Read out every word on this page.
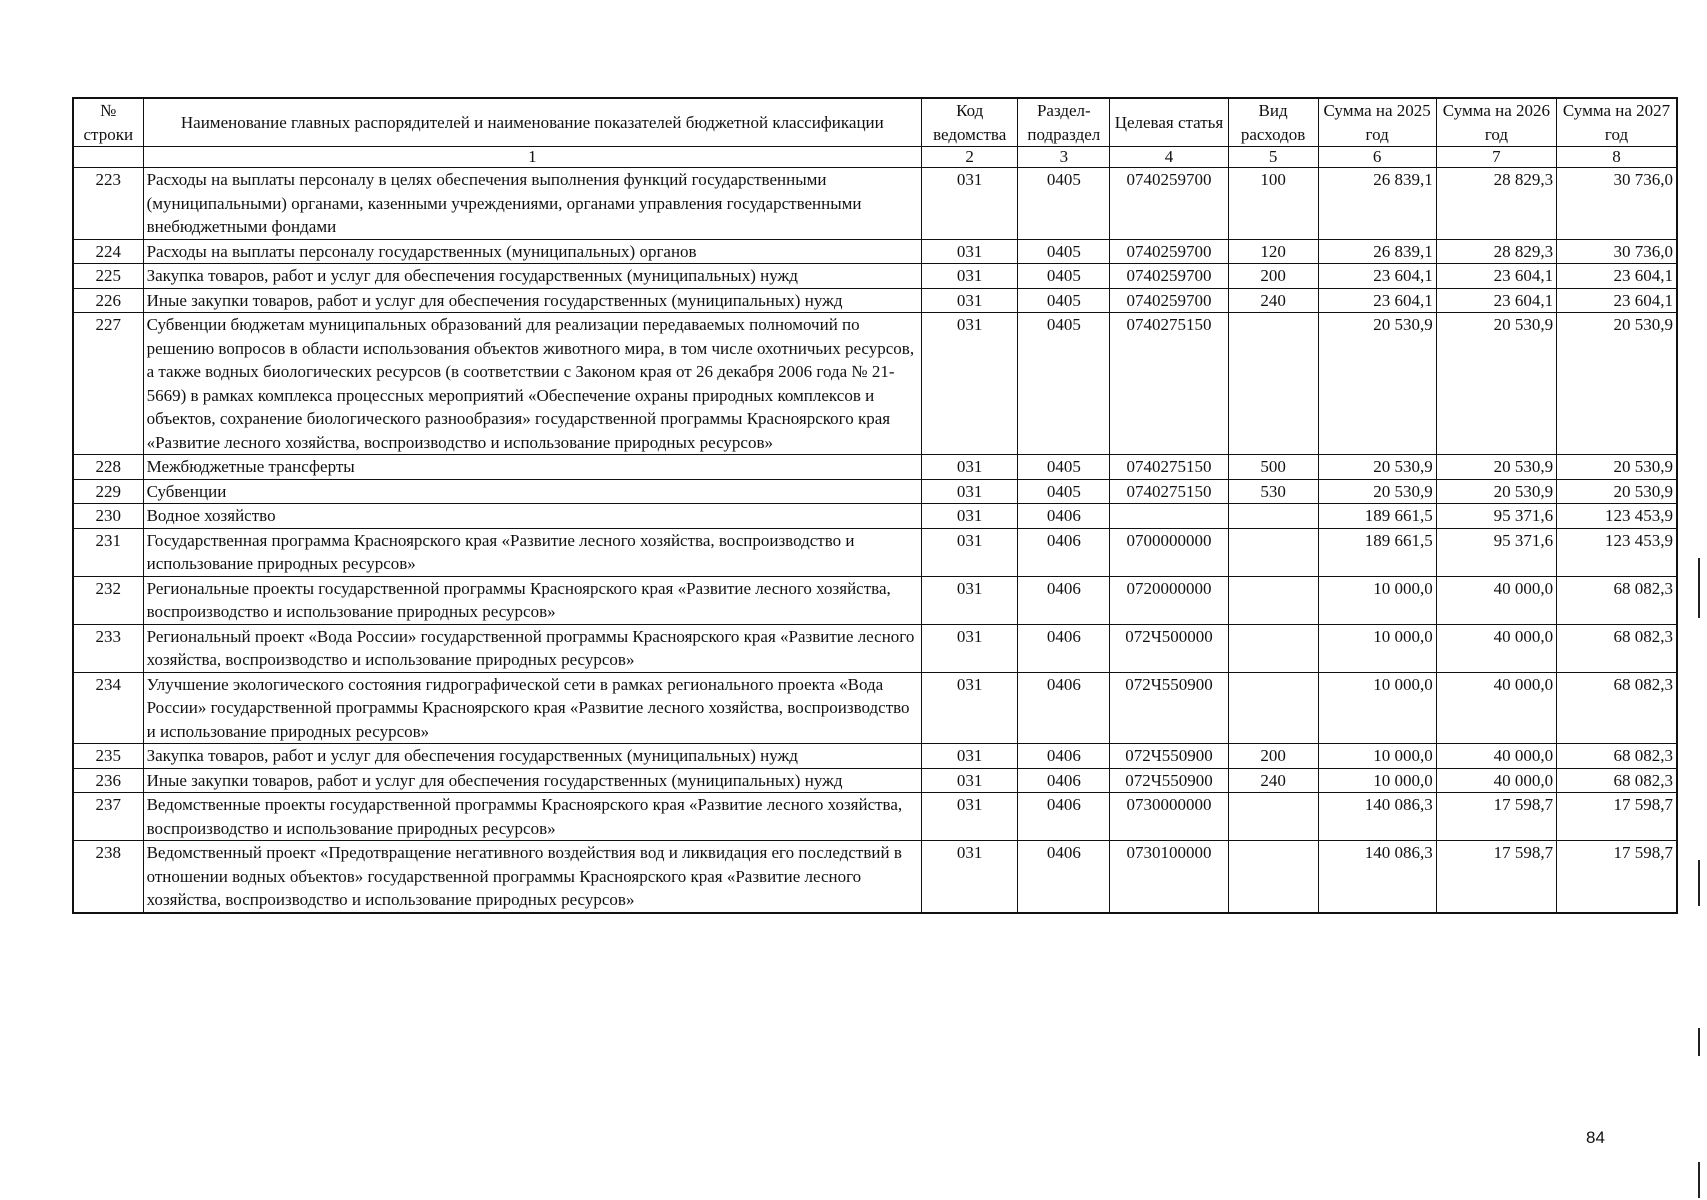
№ строки	Наименование главных распорядителей и наименование показателей бюджетной классификации	Код ведомства	Раздел-подраздел	Целевая статья	Вид расходов	Сумма на 2025 год	Сумма на 2026 год	Сумма на 2027 год
	1	2	3	4	5	6	7	8
223	Расходы на выплаты персоналу в целях обеспечения выполнения функций государственными (муниципальными) органами, казенными учреждениями, органами управления государственными внебюджетными фондами	031	0405	0740259700	100	26 839,1	28 829,3	30 736,0
224	Расходы на выплаты персоналу государственных (муниципальных) органов	031	0405	0740259700	120	26 839,1	28 829,3	30 736,0
225	Закупка товаров, работ и услуг для обеспечения государственных (муниципальных) нужд	031	0405	0740259700	200	23 604,1	23 604,1	23 604,1
226	Иные закупки товаров, работ и услуг для обеспечения государственных (муниципальных) нужд	031	0405	0740259700	240	23 604,1	23 604,1	23 604,1
227	Субвенции бюджетам муниципальных образований для реализации передаваемых полномочий по решению вопросов в области использования объектов животного мира, в том числе охотничьих ресурсов, а также водных биологических ресурсов (в соответствии с Законом края от 26 декабря 2006 года № 21-5669) в рамках комплекса процессных мероприятий «Обеспечение охраны природных комплексов и объектов, сохранение биологического разнообразия» государственной программы Красноярского края «Развитие лесного хозяйства, воспроизводство и использование природных ресурсов»	031	0405	0740275150		20 530,9	20 530,9	20 530,9
228	Межбюджетные трансферты	031	0405	0740275150	500	20 530,9	20 530,9	20 530,9
229	Субвенции	031	0405	0740275150	530	20 530,9	20 530,9	20 530,9
230	Водное хозяйство	031	0406			189 661,5	95 371,6	123 453,9
231	Государственная программа Красноярского края «Развитие лесного хозяйства, воспроизводство и использование природных ресурсов»	031	0406	0700000000		189 661,5	95 371,6	123 453,9
232	Региональные проекты государственной программы Красноярского края «Развитие лесного хозяйства, воспроизводство и использование природных ресурсов»	031	0406	0720000000		10 000,0	40 000,0	68 082,3
233	Региональный проект «Вода России» государственной программы Красноярского края «Развитие лесного хозяйства, воспроизводство и использование природных ресурсов»	031	0406	072Ч500000		10 000,0	40 000,0	68 082,3
234	Улучшение экологического состояния гидрографической сети в рамках регионального проекта «Вода России» государственной программы Красноярского края «Развитие лесного хозяйства, воспроизводство и использование природных ресурсов»	031	0406	072Ч550900		10 000,0	40 000,0	68 082,3
235	Закупка товаров, работ и услуг для обеспечения государственных (муниципальных) нужд	031	0406	072Ч550900	200	10 000,0	40 000,0	68 082,3
236	Иные закупки товаров, работ и услуг для обеспечения государственных (муниципальных) нужд	031	0406	072Ч550900	240	10 000,0	40 000,0	68 082,3
237	Ведомственные проекты государственной программы Красноярского края «Развитие лесного хозяйства, воспроизводство и использование природных ресурсов»	031	0406	0730000000		140 086,3	17 598,7	17 598,7
238	Ведомственный проект «Предотвращение негативного воздействия вод и ликвидация его последствий в отношении водных объектов» государственной программы Красноярского края «Развитие лесного хозяйства, воспроизводство и использование природных ресурсов»	031	0406	0730100000		140 086,3	17 598,7	17 598,7
84
